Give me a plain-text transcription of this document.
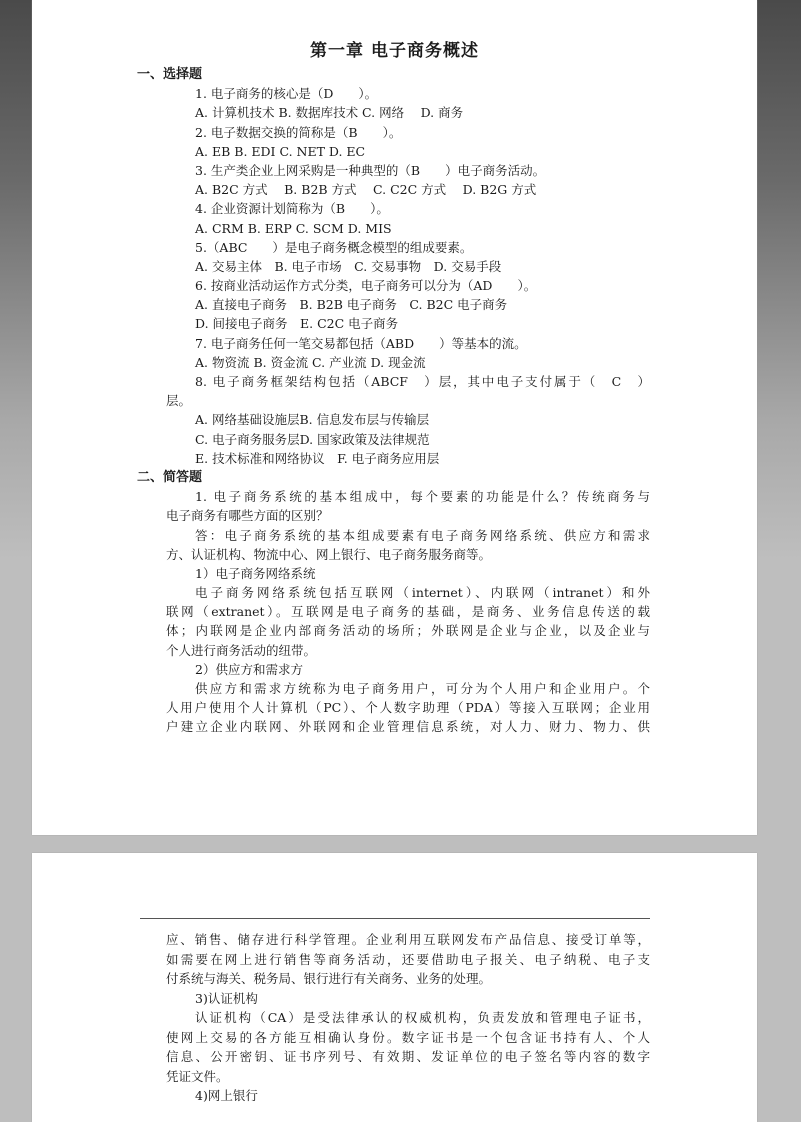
第一章 电子商务概述
一、选择题
1. 电子商务的核心是（D　　）。
A. 计算机技术 B. 数据库技术 C. 网络　 D. 商务
2. 电子数据交换的简称是（B　　）。
A. EB B. EDI C. NET D. EC
3. 生产类企业上网采购是一种典型的（B　　）电子商务活动。
A. B2C 方式　 B. B2B 方式　 C. C2C 方式　 D. B2G 方式
4. 企业资源计划简称为（B　　）。
A. CRM B. ERP C. SCM D. MIS
5.（ABC　　）是电子商务概念模型的组成要素。
A. 交易主体　B. 电子市场　C. 交易事物　D. 交易手段
6. 按商业活动运作方式分类，电子商务可以分为（AD　　）。
A. 直接电子商务　B. B2B 电子商务　C. B2C 电子商务
D. 间接电子商务　E. C2C 电子商务
7. 电子商务任何一笔交易都包括（ABD　　）等基本的流。
A. 物资流 B. 资金流 C. 产业流 D. 现金流
8. 电子商务框架结构包括（ABCF　）层，其中电子支付属于（　C　）
层。
A. 网络基础设施层B. 信息发布层与传输层
C. 电子商务服务层D. 国家政策及法律规范
E. 技术标准和网络协议　F. 电子商务应用层
二、简答题
1. 电子商务系统的基本组成中，每个要素的功能是什么？传统商务与
电子商务有哪些方面的区别？
答：电子商务系统的基本组成要素有电子商务网络系统、供应方和需求
方、认证机构、物流中心、网上银行、电子商务服务商等。
1）电子商务网络系统
电子商务网络系统包括互联网（internet）、内联网（intranet）和外
联网（extranet）。互联网是电子商务的基础，是商务、业务信息传送的载
体；内联网是企业内部商务活动的场所；外联网是企业与企业，以及企业与
个人进行商务活动的纽带。
2）供应方和需求方
供应方和需求方统称为电子商务用户，可分为个人用户和企业用户。个
人用户使用个人计算机（PC）、个人数字助理（PDA）等接入互联网；企业用
户建立企业内联网、外联网和企业管理信息系统，对人力、财力、物力、供
应、销售、储存进行科学管理。企业利用互联网发布产品信息、接受订单等，
如需要在网上进行销售等商务活动，还要借助电子报关、电子纳税、电子支
付系统与海关、税务局、银行进行有关商务、业务的处理。
3)认证机构
认证机构（CA）是受法律承认的权威机构，负责发放和管理电子证书，
使网上交易的各方能互相确认身份。数字证书是一个包含证书持有人、个人
信息、公开密钥、证书序列号、有效期、发证单位的电子签名等内容的数字
凭证文件。
4)网上银行
